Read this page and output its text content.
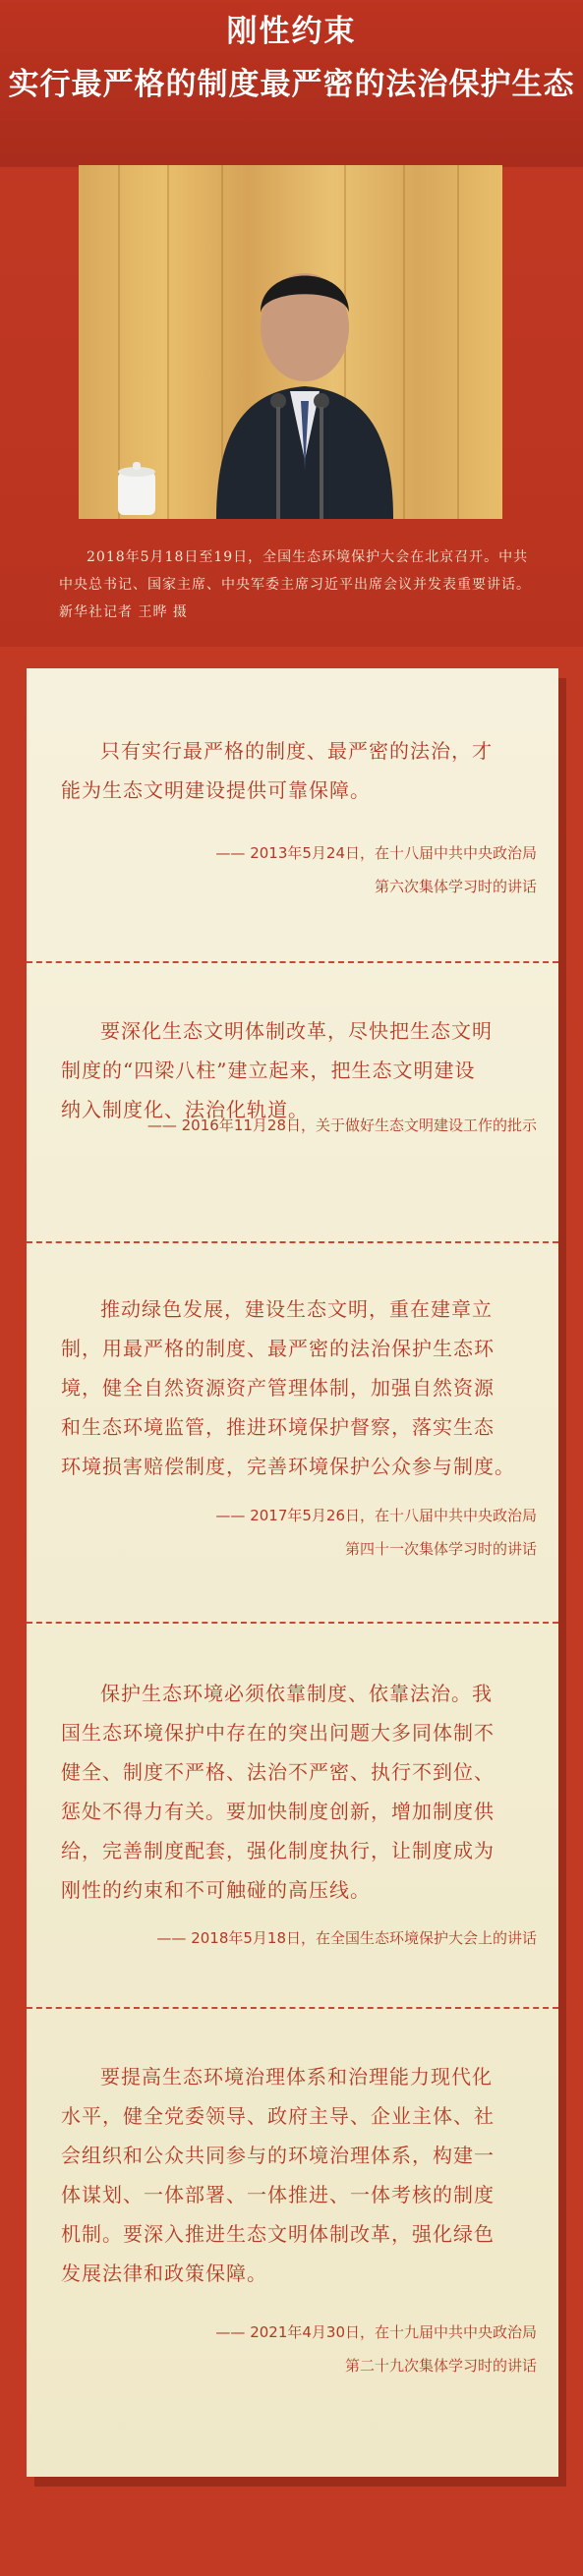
刚性约束
实行最严格的制度最严密的法治保护生态

2018年5月18日至19日，全国生态环境保护大会在北京召开。中共中央总书记、国家主席、中央军委主席习近平出席会议并发表重要讲话。新华社记者 王晔 摄

只有实行最严格的制度、最严密的法治，才
能为生态文明建设提供可靠保障。
—— 2013年5月24日，在十八届中共中央政治局
第六次集体学习时的讲话
要深化生态文明体制改革，尽快把生态文明
制度的“四梁八柱”建立起来，把生态文明建设
纳入制度化、法治化轨道。
—— 2016年11月28日，关于做好生态文明建设工作的批示
推动绿色发展，建设生态文明，重在建章立
制，用最严格的制度、最严密的法治保护生态环
境，健全自然资源资产管理体制，加强自然资源
和生态环境监管，推进环境保护督察，落实生态
环境损害赔偿制度，完善环境保护公众参与制度。
—— 2017年5月26日，在十八届中共中央政治局
第四十一次集体学习时的讲话
保护生态环境必须依靠制度、依靠法治。我
国生态环境保护中存在的突出问题大多同体制不
健全、制度不严格、法治不严密、执行不到位、
惩处不得力有关。要加快制度创新，增加制度供
给，完善制度配套，强化制度执行，让制度成为
刚性的约束和不可触碰的高压线。
—— 2018年5月18日，在全国生态环境保护大会上的讲话
要提高生态环境治理体系和治理能力现代化
水平，健全党委领导、政府主导、企业主体、社
会组织和公众共同参与的环境治理体系，构建一
体谋划、一体部署、一体推进、一体考核的制度
机制。要深入推进生态文明体制改革，强化绿色
发展法律和政策保障。
—— 2021年4月30日，在十九届中共中央政治局
第二十九次集体学习时的讲话
